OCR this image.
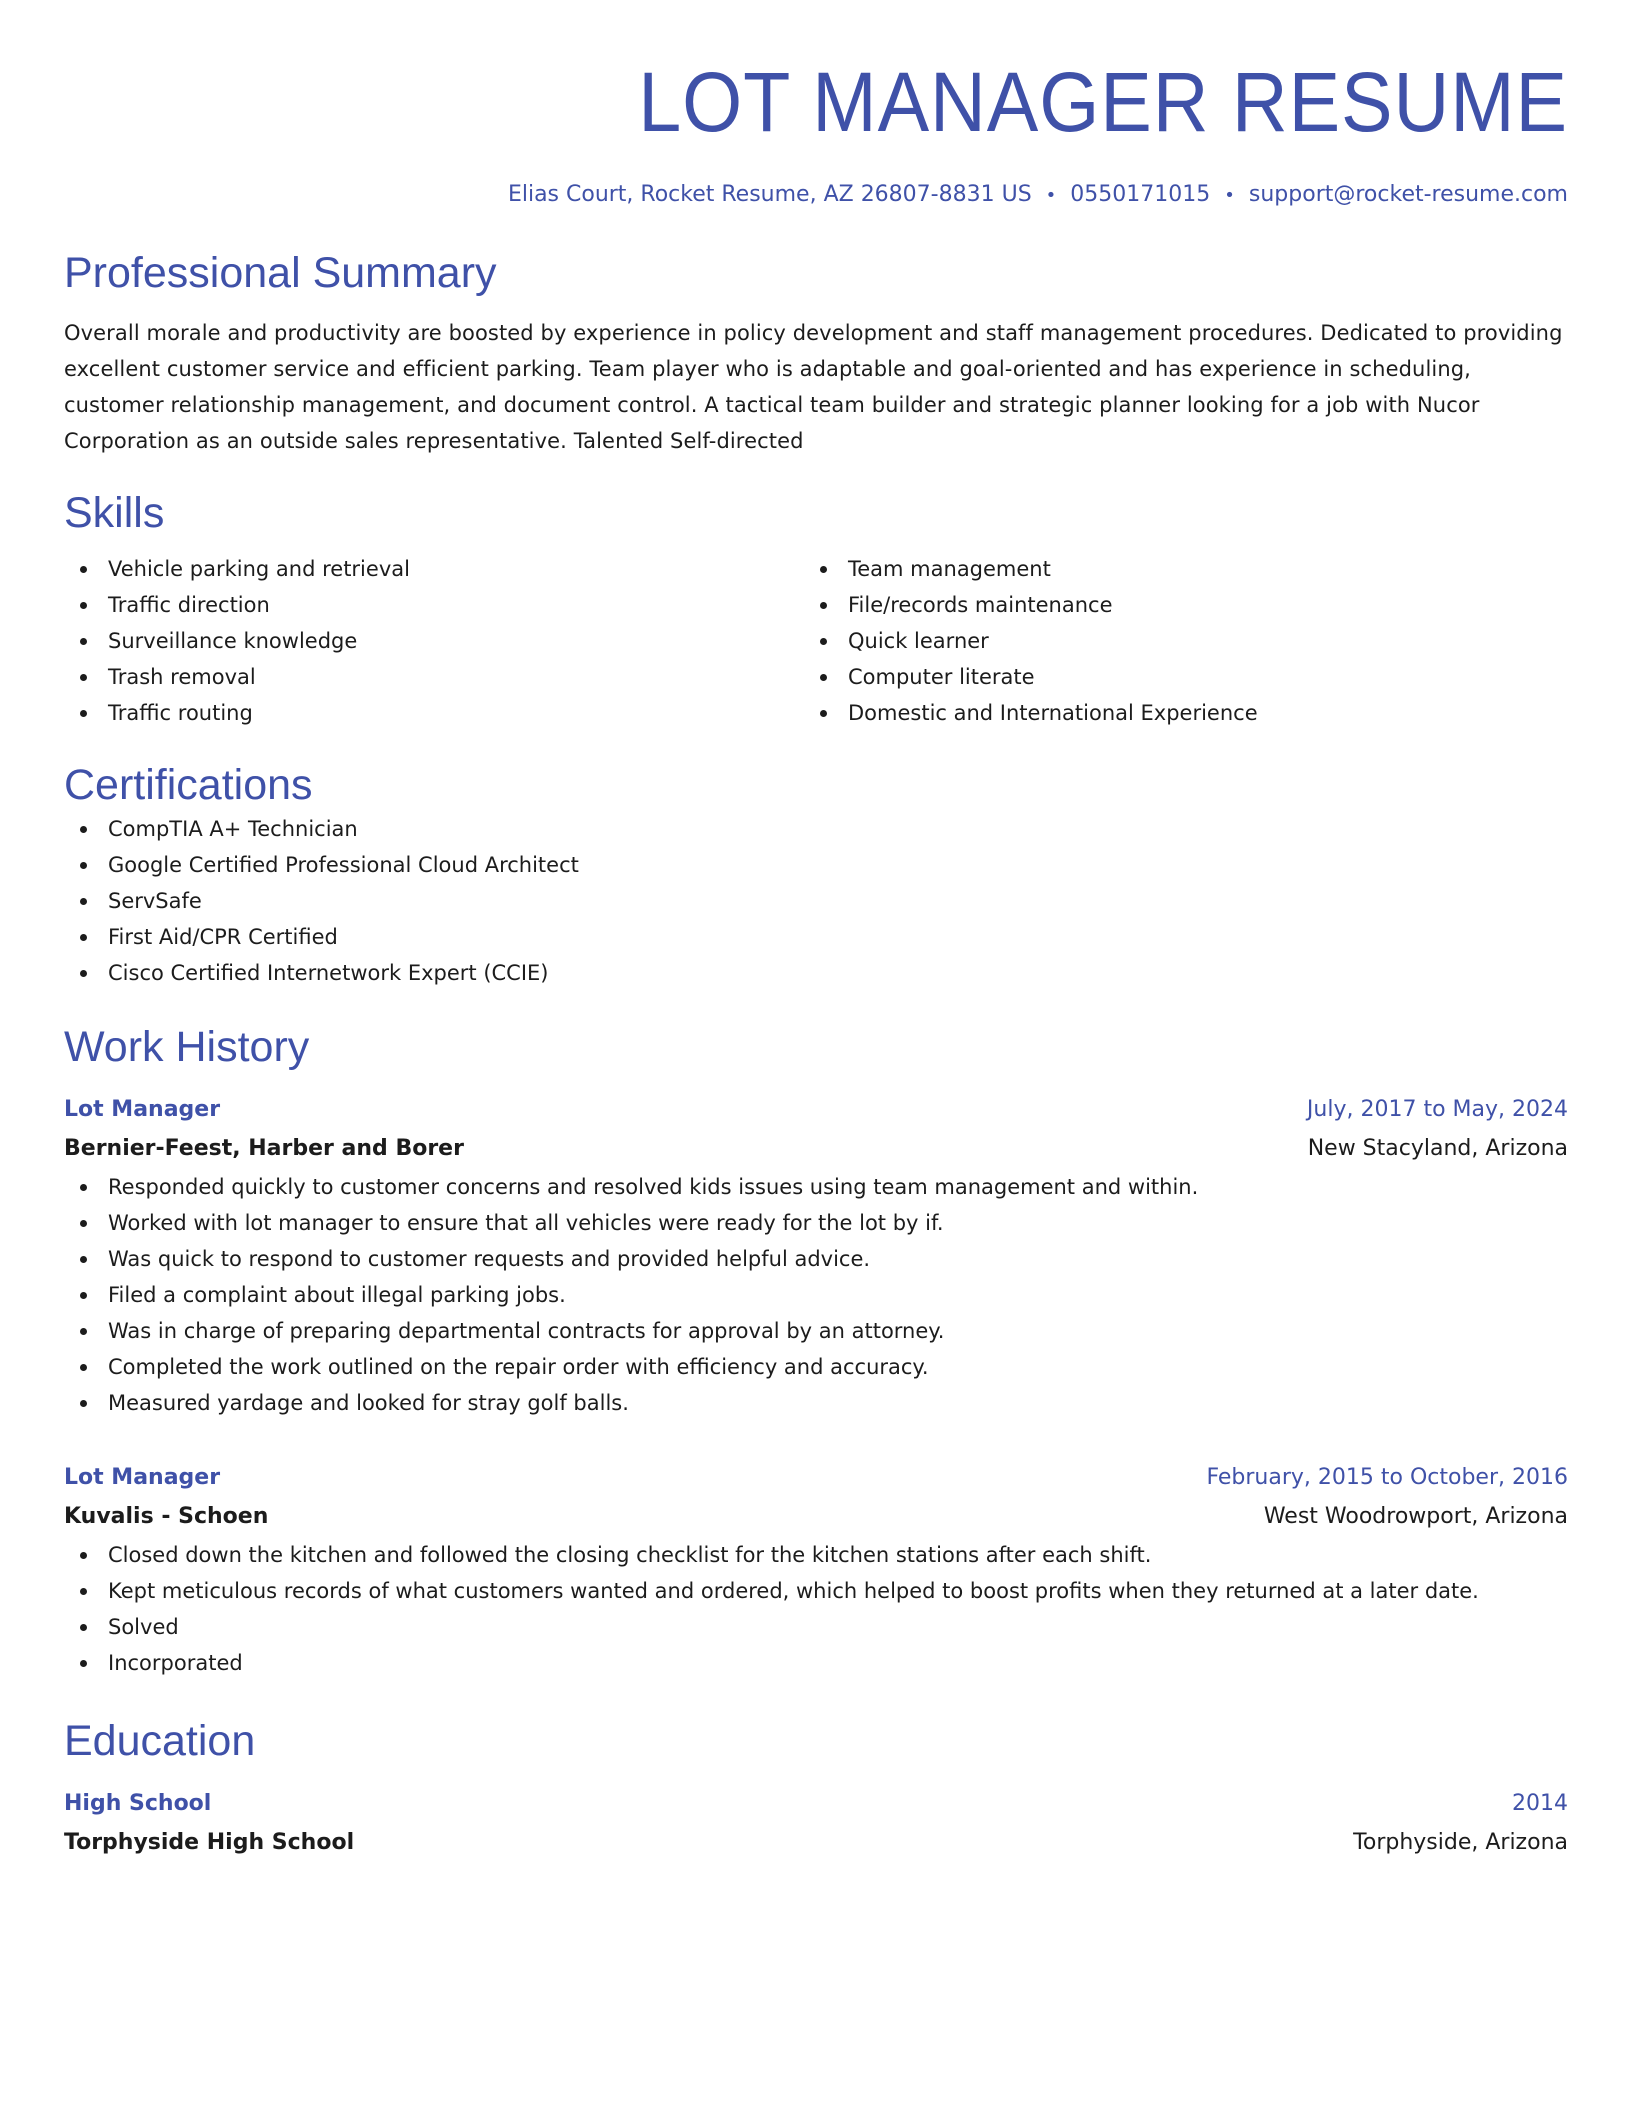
LOT MANAGER RESUME
Elias Court, Rocket Resume, AZ 26807-8831 US • 0550171015 • support@rocket-resume.com
Professional Summary

Overall morale and productivity are boosted by experience in policy development and staff management procedures. Dedicated to providing excellent customer service and efficient parking. Team player who is adaptable and goal-oriented and has experience in scheduling, customer relationship management, and document control. A tactical team builder and strategic planner looking for a job with Nucor Corporation as an outside sales representative. Talented Self-directed

Skills
Vehicle parking and retrieval
Traffic direction
Surveillance knowledge
Trash removal
Traffic routing
Team management
File/records maintenance
Quick learner
Computer literate
Domestic and International Experience
Certifications
CompTIA A+ Technician
Google Certified Professional Cloud Architect
ServSafe
First Aid/CPR Certified
Cisco Certified Internetwork Expert (CCIE)
Work History
Lot Manager	July, 2017 to May, 2024
Bernier-Feest, Harber and Borer	New Stacyland, Arizona
Responded quickly to customer concerns and resolved kids issues using team management and within.
Worked with lot manager to ensure that all vehicles were ready for the lot by if.
Was quick to respond to customer requests and provided helpful advice.
Filed a complaint about illegal parking jobs.
Was in charge of preparing departmental contracts for approval by an attorney.
Completed the work outlined on the repair order with efficiency and accuracy.
Measured yardage and looked for stray golf balls.
Lot Manager	February, 2015 to October, 2016
Kuvalis - Schoen	West Woodrowport, Arizona
Closed down the kitchen and followed the closing checklist for the kitchen stations after each shift.
Kept meticulous records of what customers wanted and ordered, which helped to boost profits when they returned at a later date.
Solved
Incorporated
Education
High School	2014
Torphyside High School	Torphyside, Arizona
